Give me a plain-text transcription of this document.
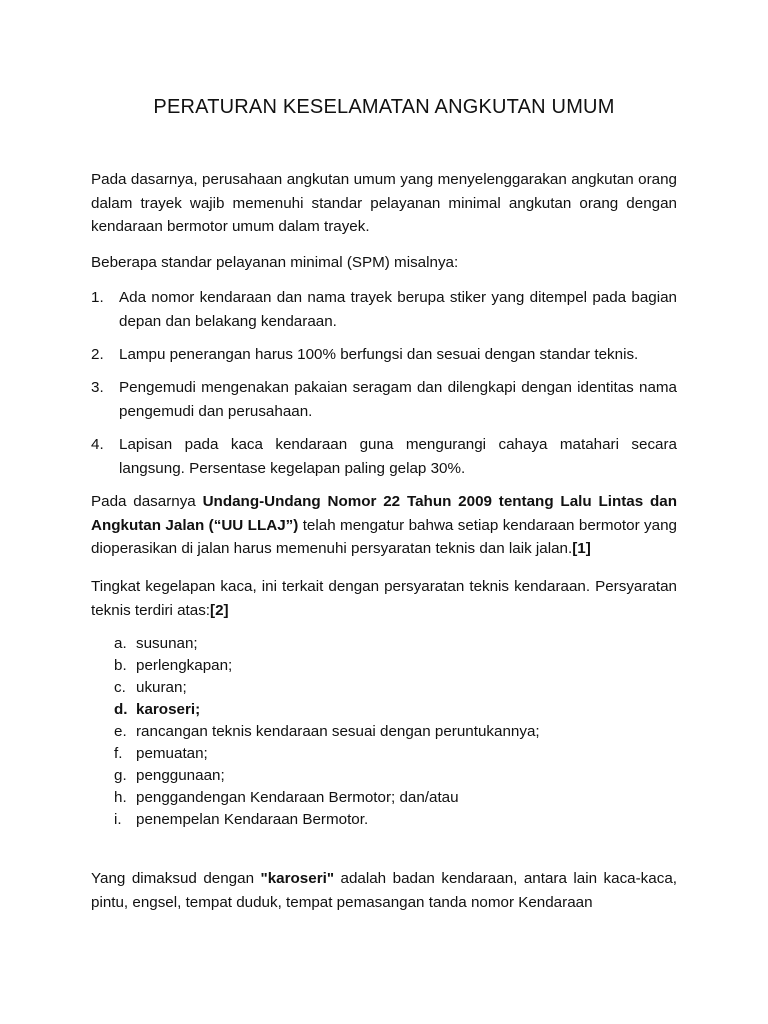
PERATURAN KESELAMATAN ANGKUTAN UMUM

Pada dasarnya, perusahaan angkutan umum yang menyelenggarakan angkutan orang dalam trayek wajib memenuhi standar pelayanan minimal angkutan orang dengan kendaraan bermotor umum dalam trayek.

Beberapa standar pelayanan minimal (SPM) misalnya:

1.	Ada nomor kendaraan dan nama trayek berupa stiker yang ditempel pada bagian depan dan belakang kendaraan.
2.	Lampu penerangan harus 100% berfungsi dan sesuai dengan standar teknis.
3.	Pengemudi mengenakan pakaian seragam dan dilengkapi dengan identitas nama pengemudi dan perusahaan.
4.	Lapisan pada kaca kendaraan guna mengurangi cahaya matahari secara langsung. Persentase kegelapan paling gelap 30%.

Pada dasarnya Undang-Undang Nomor 22 Tahun 2009 tentang Lalu Lintas dan Angkutan Jalan (“UU LLAJ”) telah mengatur bahwa setiap kendaraan bermotor yang dioperasikan di jalan harus memenuhi persyaratan teknis dan laik jalan.[1]

Tingkat kegelapan kaca, ini terkait dengan persyaratan teknis kendaraan. Persyaratan teknis terdiri atas:[2]

a. susunan;
b. perlengkapan;
c. ukuran;
d. karoseri;
e. rancangan teknis kendaraan sesuai dengan peruntukannya;
f. pemuatan;
g. penggunaan;
h. penggandengan Kendaraan Bermotor; dan/atau
i. penempelan Kendaraan Bermotor.

Yang dimaksud dengan "karoseri" adalah badan kendaraan, antara lain kaca-kaca, pintu, engsel, tempat duduk, tempat pemasangan tanda nomor Kendaraan
